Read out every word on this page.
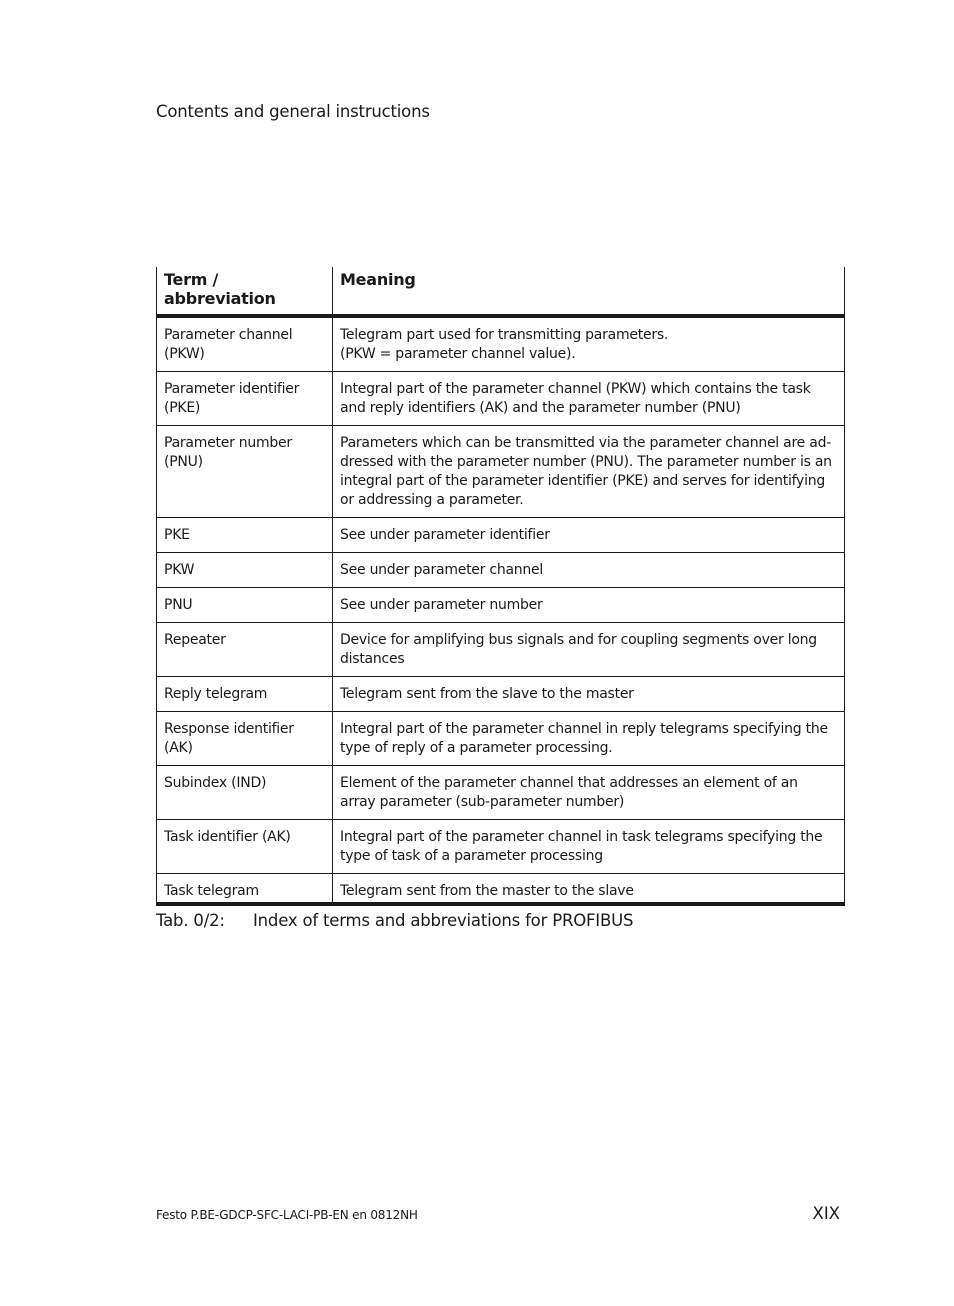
Contents and general instructions
Term / abbreviation	Meaning
Parameter channel (PKW)	Telegram part used for transmitting parameters.
(PKW = parameter channel value).
Parameter identifier (PKE)	Integral part of the parameter channel (PKW) which contains the task and reply identifiers (AK) and the parameter number (PNU)
Parameter number (PNU)	Parameters which can be transmitted via the parameter channel are ad-dressed with the parameter number (PNU). The parameter number is an integral part of the parameter identifier (PKE) and serves for identifying or addressing a parameter.
PKE	See under parameter identifier
PKW	See under parameter channel
PNU	See under parameter number
Repeater	Device for amplifying bus signals and for coupling segments over long distances
Reply telegram	Telegram sent from the slave to the master
Response identifier (AK)	Integral part of the parameter channel in reply telegrams specifying the type of reply of a parameter processing.
Subindex (IND)	Element of the parameter channel that addresses an element of an array parameter (sub-parameter number)
Task identifier (AK)	Integral part of the parameter channel in task telegrams specifying the type of task of a parameter processing
Task telegram	Telegram sent from the master to the slave
Tab. 0/2: Index of terms and abbreviations for PROFIBUS
Festo P.BE-GDCP-SFC-LACI-PB-EN en 0812NH	XIX
